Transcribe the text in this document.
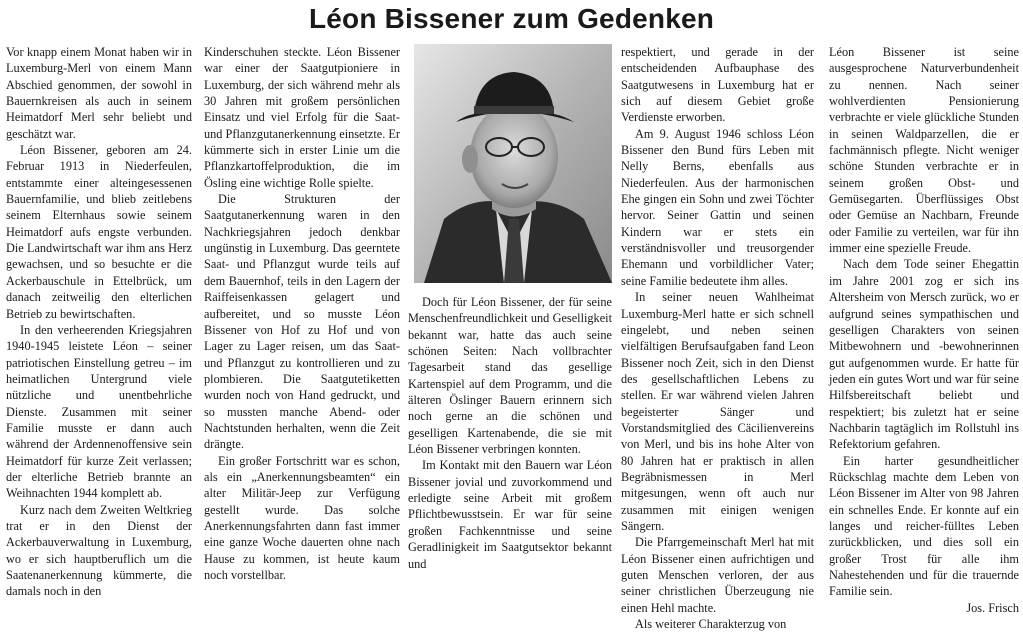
Léon Bissener zum Gedenken

Vor knapp einem Monat haben wir in Luxemburg-Merl von einem Mann Abschied genommen, der sowohl in Bauernkreisen als auch in seinem Heimatdorf Merl sehr beliebt und geschätzt war.

Léon Bissener, geboren am 24. Februar 1913 in Niederfeulen, entstammte einer alteingesessenen Bauernfamilie, und blieb zeitlebens seinem Elternhaus sowie seinem Heimatdorf aufs engste verbunden. Die Landwirtschaft war ihm ans Herz gewachsen, und so besuchte er die Ackerbauschule in Ettelbrück, um danach zeitweilig den elterlichen Betrieb zu bewirtschaften.

In den verheerenden Kriegsjahren 1940-1945 leistete Léon – seiner patriotischen Einstellung getreu – im heimatlichen Untergrund viele nützliche und unentbehrliche Dienste. Zusammen mit seiner Familie musste er dann auch während der Ardennenoffensive sein Heimatdorf für kurze Zeit verlassen; der elterliche Betrieb brannte an Weihnachten 1944 komplett ab.

Kurz nach dem Zweiten Weltkrieg trat er in den Dienst der Ackerbauverwaltung in Luxemburg, wo er sich hauptberuflich um die Saatenanerkennung kümmerte, die damals noch in den

Kinderschuhen steckte. Léon Bissener war einer der Saatgutpioniere in Luxemburg, der sich während mehr als 30 Jahren mit großem persönlichen Einsatz und viel Erfolg für die Saat- und Pflanzgutanerkennung einsetzte. Er kümmerte sich in erster Linie um die Pflanzkartoffelproduktion, die im Ösling eine wichtige Rolle spielte.

Die Strukturen der Saatgutanerkennung waren in den Nachkriegsjahren jedoch denkbar ungünstig in Luxemburg. Das geerntete Saat- und Pflanzgut wurde teils auf dem Bauernhof, teils in den Lagern der Raiffeisenkassen gelagert und aufbereitet, und so musste Léon Bissener von Hof zu Hof und von Lager zu Lager reisen, um das Saat- und Pflanzgut zu kontrollieren und zu plombieren. Die Saatgutetiketten wurden noch von Hand gedruckt, und so mussten manche Abend- oder Nachtstunden herhalten, wenn die Zeit drängte.

Ein großer Fortschritt war es schon, als ein „Anerkennungsbeamten“ ein alter Militär-Jeep zur Verfügung gestellt wurde. Das solche Anerkennungsfahrten dann fast immer eine ganze Woche dauerten ohne nach Hause zu kommen, ist heute kaum noch vorstellbar.

Doch für Léon Bissener, der für seine Menschenfreundlichkeit und Geselligkeit bekannt war, hatte das auch seine schönen Seiten: Nach vollbrachter Tagesarbeit stand das gesellige Kartenspiel auf dem Programm, und die älteren Öslinger Bauern erinnern sich noch gerne an die schönen und geselligen Kartenabende, die sie mit Léon Bissener verbringen konnten.

Im Kontakt mit den Bauern war Léon Bissener jovial und zuvorkommend und erledigte seine Arbeit mit großem Pflichtbewusstsein. Er war für seine großen Fachkenntnisse und seine Geradlinigkeit im Saatgutsektor bekannt und

respektiert, und gerade in der entscheidenden Aufbauphase des Saatgutwesens in Luxemburg hat er sich auf diesem Gebiet große Verdienste erworben.

Am 9. August 1946 schloss Léon Bissener den Bund fürs Leben mit Nelly Berns, ebenfalls aus Niederfeulen. Aus der harmonischen Ehe gingen ein Sohn und zwei Töchter hervor. Seiner Gattin und seinen Kindern war er stets ein verständnisvoller und treusorgender Ehemann und vorbildlicher Vater; seine Familie bedeutete ihm alles.

In seiner neuen Wahlheimat Luxemburg-Merl hatte er sich schnell eingelebt, und neben seinen vielfältigen Berufsaufgaben fand Leon Bissener noch Zeit, sich in den Dienst des gesellschaftlichen Lebens zu stellen. Er war während vielen Jahren begeisterter Sänger und Vorstandsmitglied des Cäcilienvereins von Merl, und bis ins hohe Alter von 80 Jahren hat er praktisch in allen Begräbnismessen in Merl mitgesungen, wenn oft auch nur zusammen mit einigen wenigen Sängern.

Die Pfarrgemeinschaft Merl hat mit Léon Bissener einen aufrichtigen und guten Menschen verloren, der aus seiner christlichen Überzeugung nie einen Hehl machte.

Als weiterer Charakterzug von

Léon Bissener ist seine ausgesprochene Naturverbundenheit zu nennen. Nach seiner wohlverdienten Pensionierung verbrachte er viele glückliche Stunden in seinen Waldparzellen, die er fachmännisch pflegte. Nicht weniger schöne Stunden verbrachte er in seinem großen Obst- und Gemüsegarten. Überflüssiges Obst oder Gemüse an Nachbarn, Freunde oder Familie zu verteilen, war für ihn immer eine spezielle Freude.

Nach dem Tode seiner Ehegattin im Jahre 2001 zog er sich ins Altersheim von Mersch zurück, wo er aufgrund seines sympathischen und geselligen Charakters von seinen Mitbewohnern und -bewohnerinnen gut aufgenommen wurde. Er hatte für jeden ein gutes Wort und war für seine Hilfsbereitschaft beliebt und respektiert; bis zuletzt hat er seine Nachbarin tagtäglich im Rollstuhl ins Refektorium gefahren.

Ein harter gesundheitlicher Rückschlag machte dem Leben von Léon Bissener im Alter von 98 Jahren ein schnelles Ende. Er konnte auf ein langes und reicher-fülltes Leben zurückblicken, und dies soll ein großer Trost für alle ihm Nahestehenden und für die trauernde Familie sein.

Jos. Frisch
